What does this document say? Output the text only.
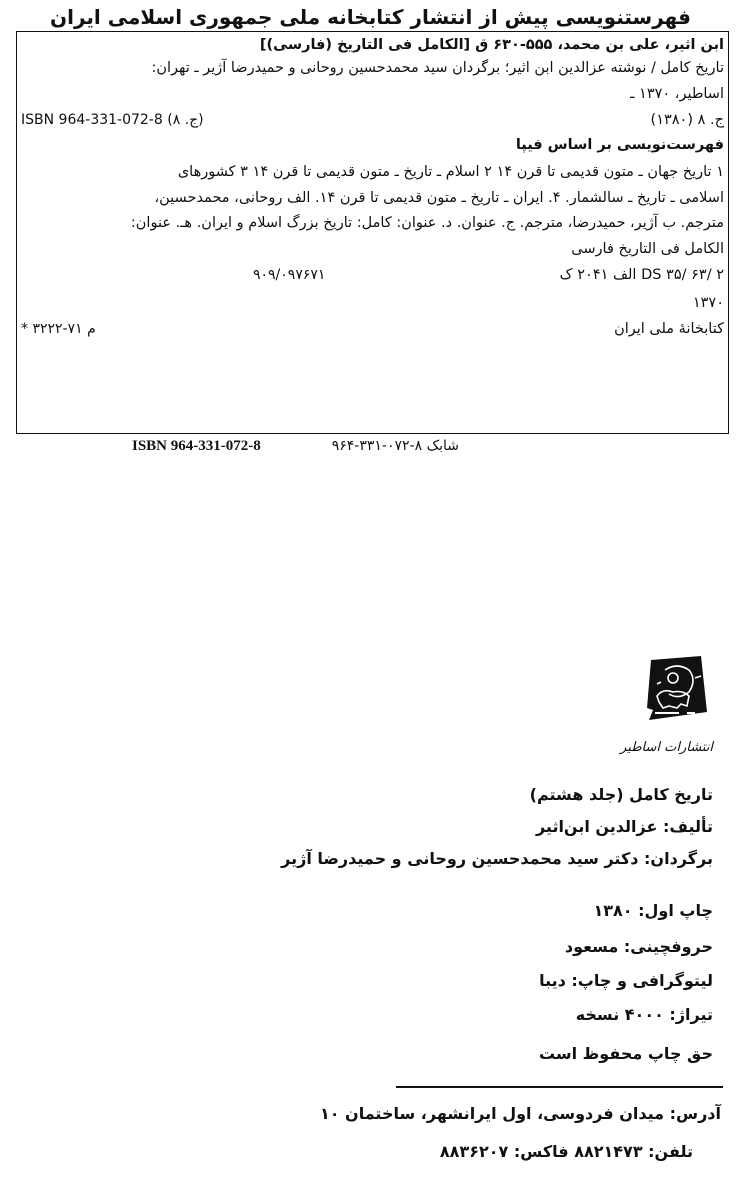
فهرستنویسی پیش از انتشار کتابخانه ملی جمهوری اسلامی ایران
ابن اثیر، علی بن محمد، ۵۵۵-۶۳۰ ق [الکامل فی التاریخ (فارسی)]
تاریخ کامل / نوشته عزالدین ابن اثیر؛ برگردان سید محمدحسین روحانی و حمیدرضا آژیر ـ تهران:
اساطیر، ۱۳۷۰ ـ
ج. ۸ (۱۳۸۰)
ISBN 964-331-072-8 (ج. ۸)
فهرست‌نویسی بر اساس فیپا
۱ تاریخ جهان ـ متون قدیمی تا قرن ۱۴ ۲ اسلام ـ تاریخ ـ متون قدیمی تا قرن ۱۴ ۳ کشورهای
اسلامی ـ تاریخ ـ سالشمار. ۴. ایران ـ تاریخ ـ متون قدیمی تا قرن ۱۴. الف روحانی، محمدحسین،
مترجم. ب آژیر، حمیدرضا، مترجم. ج. عنوان. د. عنوان: کامل: تاریخ بزرگ اسلام و ایران. هـ. عنوان:
الکامل فی التاریخ فارسی
DS ۳۵/ ۶۳/ ۲ الف ۲۰۴۱ ک
۹۰۹/۰۹۷۶۷۱
۱۳۷۰
کتابخانهٔ ملی ایران
* م ۷۱-۳۲۲۲
شابک ۸-۰۷۲-۳۳۱-۹۶۴
ISBN 964-331-072-8
انتشارات اساطیر
تاریخ کامل (جلد هشتم)
تألیف: عزالدین ابن‌اثیر
برگردان: دکتر سید محمدحسین روحانی و حمیدرضا آژیر
چاپ اول: ۱۳۸۰
حروفچینی: مسعود
لیتوگرافی و چاپ: دیبا
تیراژ: ۴۰۰۰ نسخه
حق چاپ محفوظ است
آدرس: میدان فردوسی، اول ایرانشهر، ساختمان ۱۰
تلفن: ۸۸۲۱۴۷۳ فاکس: ۸۸۳۶۲۰۷
